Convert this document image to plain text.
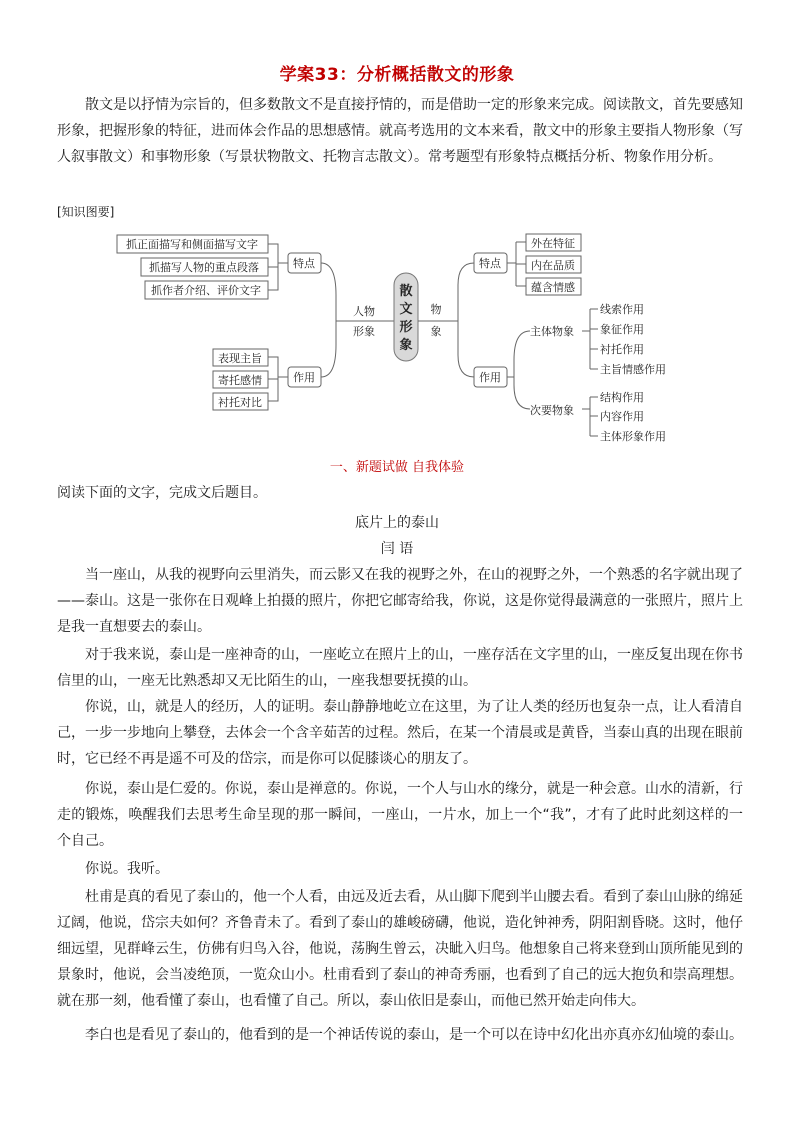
学案33：分析概括散文的形象

散文是以抒情为宗旨的，但多数散文不是直接抒情的，而是借助一定的形象来完成。阅读散文，首先要感知形象，把握形象的特征，进而体会作品的思想感情。就高考选用的文本来看，散文中的形象主要指人物形象（写人叙事散文）和事物形象（写景状物散文、托物言志散文）。常考题型有形象特点概括分析、物象作用分析。

[知识图要]
抓正面描写和侧面描写文字
抓描写人物的重点段落
抓作者介绍、评价文字
特点
表现主旨
寄托感情
衬托对比
作用
人物
形象
散
文
形
象
物
象
特点
外在特征
内在品质
蕴含情感
作用
主体物象
线索作用
象征作用
衬托作用
主旨情感作用
次要物象
结构作用
内容作用
主体形象作用
一、新题试做 自我体验

阅读下面的文字，完成文后题目。

底片上的泰山
闫 语

当一座山，从我的视野向云里消失，而云影又在我的视野之外，在山的视野之外，一个熟悉的名字就出现了——泰山。这是一张你在日观峰上拍摄的照片，你把它邮寄给我，你说，这是你觉得最满意的一张照片，照片上是我一直想要去的泰山。

对于我来说，泰山是一座神奇的山，一座屹立在照片上的山，一座存活在文字里的山，一座反复出现在你书信里的山，一座无比熟悉却又无比陌生的山，一座我想要抚摸的山。

你说，山，就是人的经历，人的证明。泰山静静地屹立在这里，为了让人类的经历也复杂一点，让人看清自己，一步一步地向上攀登，去体会一个含辛茹苦的过程。然后，在某一个清晨或是黄昏，当泰山真的出现在眼前时，它已经不再是遥不可及的岱宗，而是你可以促膝谈心的朋友了。

你说，泰山是仁爱的。你说，泰山是禅意的。你说，一个人与山水的缘分，就是一种会意。山水的清新，行走的锻炼，唤醒我们去思考生命呈现的那一瞬间，一座山，一片水，加上一个“我”，才有了此时此刻这样的一个自己。

你说。我听。

杜甫是真的看见了泰山的，他一个人看，由远及近去看，从山脚下爬到半山腰去看。看到了泰山山脉的绵延辽阔，他说，岱宗夫如何？齐鲁青未了。看到了泰山的雄峻磅礴，他说，造化钟神秀，阴阳割昏晓。这时，他仔细远望，见群峰云生，仿佛有归鸟入谷，他说，荡胸生曾云，决眦入归鸟。他想象自己将来登到山顶所能见到的景象时，他说，会当凌绝顶，一览众山小。杜甫看到了泰山的神奇秀丽，也看到了自己的远大抱负和崇高理想。就在那一刻，他看懂了泰山，也看懂了自己。所以，泰山依旧是泰山，而他已然开始走向伟大。

李白也是看见了泰山的，他看到的是一个神话传说的泰山，是一个可以在诗中幻化出亦真亦幻仙境的泰山。
